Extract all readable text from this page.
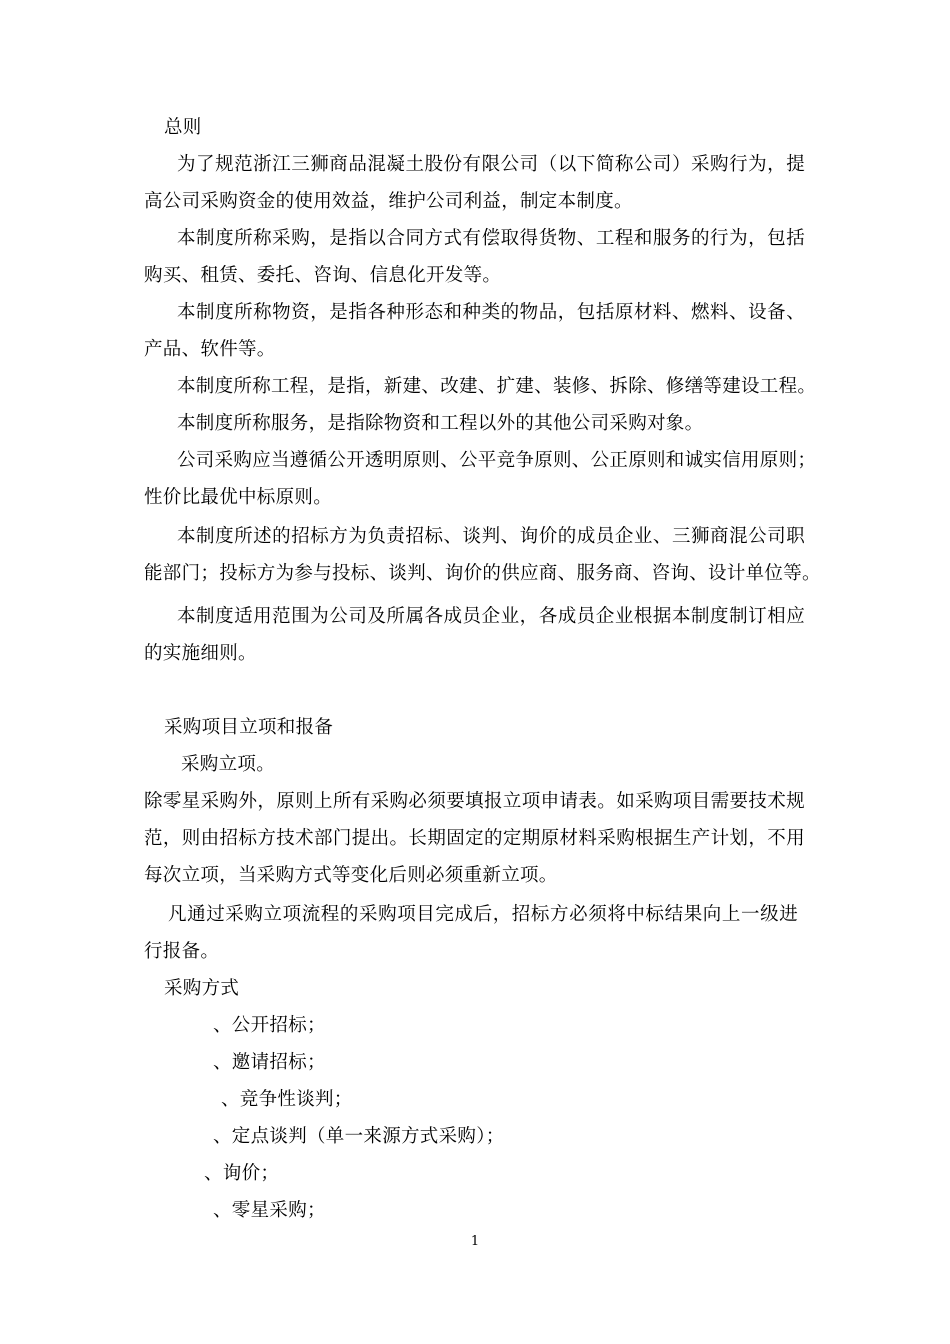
总则
为了规范浙江三狮商品混凝土股份有限公司（以下简称公司）采购行为，提
高公司采购资金的使用效益，维护公司利益，制定本制度。
本制度所称采购，是指以合同方式有偿取得货物、工程和服务的行为，包括
购买、租赁、委托、咨询、信息化开发等。
本制度所称物资，是指各种形态和种类的物品，包括原材料、燃料、设备、
产品、软件等。
本制度所称工程，是指，新建、改建、扩建、装修、拆除、修缮等建设工程。
本制度所称服务，是指除物资和工程以外的其他公司采购对象。
公司采购应当遵循公开透明原则、公平竞争原则、公正原则和诚实信用原则；
性价比最优中标原则。
本制度所述的招标方为负责招标、谈判、询价的成员企业、三狮商混公司职
能部门；投标方为参与投标、谈判、询价的供应商、服务商、咨询、设计单位等。
本制度适用范围为公司及所属各成员企业，各成员企业根据本制度制订相应
的实施细则。
采购项目立项和报备
采购立项。
除零星采购外，原则上所有采购必须要填报立项申请表。如采购项目需要技术规
范，则由招标方技术部门提出。长期固定的定期原材料采购根据生产计划，不用
每次立项，当采购方式等变化后则必须重新立项。
凡通过采购立项流程的采购项目完成后，招标方必须将中标结果向上一级进
行报备。
采购方式
、公开招标；
、邀请招标；
、竞争性谈判；
、定点谈判（单一来源方式采购）；
、询价；
、零星采购；
1
